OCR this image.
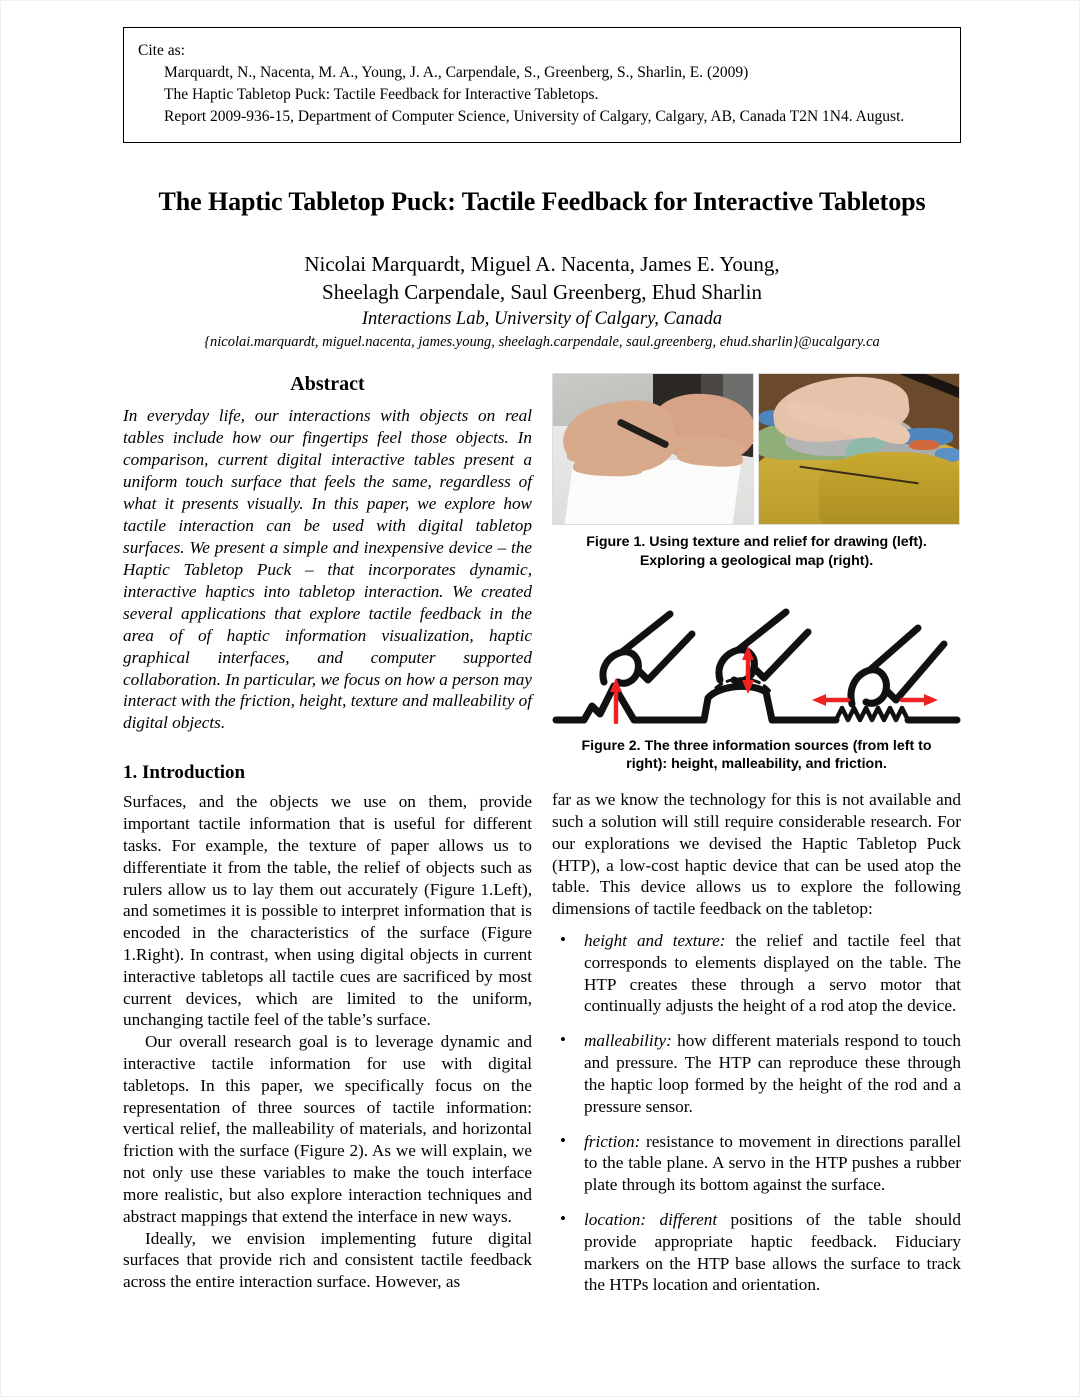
Cite as:
Marquardt, N., Nacenta, M. A., Young, J. A., Carpendale, S., Greenberg, S., Sharlin, E. (2009)
The Haptic Tabletop Puck: Tactile Feedback for Interactive Tabletops.
Report 2009-936-15, Department of Computer Science, University of Calgary, Calgary, AB, Canada T2N 1N4. August.
The Haptic Tabletop Puck: Tactile Feedback for Interactive Tabletops
Nicolai Marquardt, Miguel A. Nacenta, James E. Young,
Sheelagh Carpendale, Saul Greenberg, Ehud Sharlin
Interactions Lab, University of Calgary, Canada
{nicolai.marquardt, miguel.nacenta, james.young, sheelagh.carpendale, saul.greenberg, ehud.sharlin}@ucalgary.ca
Abstract

In everyday life, our interactions with objects on real tables include how our fingertips feel those objects. In comparison, current digital interactive tables present a uniform touch surface that feels the same, regardless of what it presents visually. In this paper, we explore how tactile interaction can be used with digital tabletop surfaces. We present a simple and inexpensive device – the Haptic Tabletop Puck – that incorporates dynamic, interactive haptics into tabletop interaction. We created several applications that explore tactile feedback in the area of of haptic information visualization, haptic graphical interfaces, and computer supported collaboration. In particular, we focus on how a person may interact with the friction, height, texture and malleability of digital objects.

1. Introduction

Surfaces, and the objects we use on them, provide important tactile information that is useful for different tasks. For example, the texture of paper allows us to differentiate it from the table, the relief of objects such as rulers allow us to lay them out accurately (Figure 1.Left), and sometimes it is possible to interpret information that is encoded in the characteristics of the surface (Figure 1.Right). In contrast, when using digital objects in current interactive tabletops all tactile cues are sacrificed by most current devices, which are limited to the uniform, unchanging tactile feel of the table’s surface.

Our overall research goal is to leverage dynamic and interactive tactile information for use with digital tabletops. In this paper, we specifically focus on the representation of three sources of tactile information: vertical relief, the malleability of materials, and horizontal friction with the surface (Figure 2). As we will explain, we not only use these variables to make the touch interface more realistic, but also explore interaction techniques and abstract mappings that extend the interface in new ways.

Ideally, we envision implementing future digital surfaces that provide rich and consistent tactile feedback across the entire interaction surface. However, as

Figure 1. Using texture and relief for drawing (left).
Exploring a geological map (right).
Figure 2. The three information sources (from left to
right): height, malleability, and friction.

far as we know the technology for this is not available and such a solution will still require considerable research. For our explorations we devised the Haptic Tabletop Puck (HTP), a low-cost haptic device that can be used atop the table. This device allows us to explore the following dimensions of tactile feedback on the tabletop:

• height and texture: the relief and tactile feel that corresponds to elements displayed on the table. The HTP creates these through a servo motor that continually adjusts the height of a rod atop the device.
• malleability: how different materials respond to touch and pressure. The HTP can reproduce these through the haptic loop formed by the height of the rod and a pressure sensor.
• friction: resistance to movement in directions parallel to the table plane. A servo in the HTP pushes a rubber plate through its bottom against the surface.
• location: different positions of the table should provide appropriate haptic feedback. Fiduciary markers on the HTP base allows the surface to track the HTPs location and orientation.
